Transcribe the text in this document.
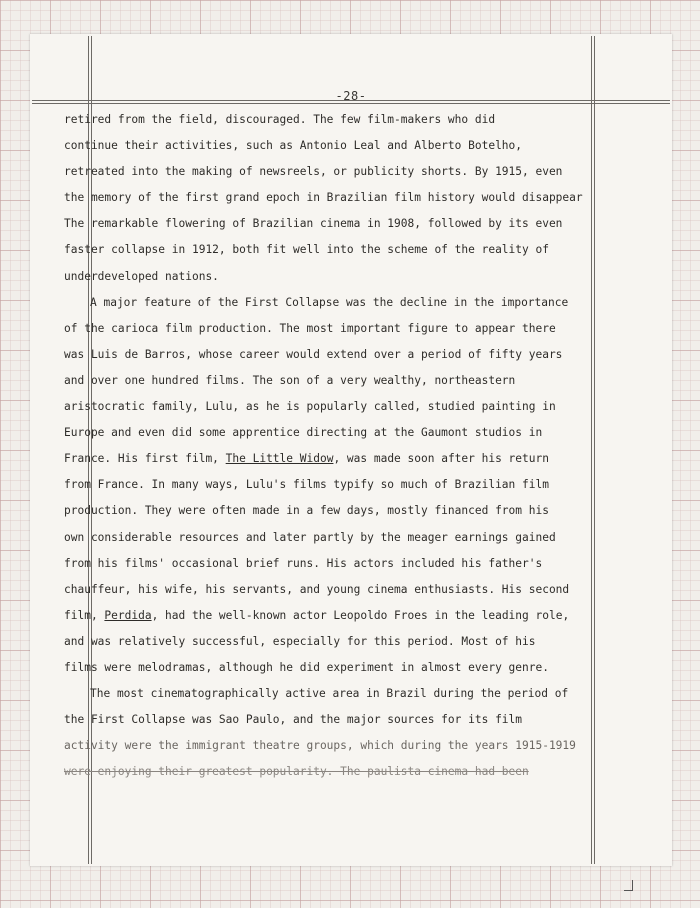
-28-
retired from the field, discouraged. The few film-makers who did
continue their activities, such as Antonio Leal and Alberto Botelho,
retreated into the making of newsreels, or publicity shorts. By 1915, even
the memory of the first grand epoch in Brazilian film history would disappear
The remarkable flowering of Brazilian cinema in 1908, followed by its even
faster collapse in 1912, both fit well into the scheme of the reality of
underdeveloped nations.
A major feature of the First Collapse was the decline in the importance
of the carioca film production. The most important figure to appear there
was Luis de Barros, whose career would extend over a period of fifty years
and over one hundred films. The son of a very wealthy, northeastern
aristocratic family, Lulu, as he is popularly called, studied painting in
Europe and even did some apprentice directing at the Gaumont studios in
France. His first film, The Little Widow, was made soon after his return
from France. In many ways, Lulu's films typify so much of Brazilian film
production. They were often made in a few days, mostly financed from his
own considerable resources and later partly by the meager earnings gained
from his films' occasional brief runs. His actors included his father's
chauffeur, his wife, his servants, and young cinema enthusiasts. His second
film, Perdida, had the well-known actor Leopoldo Froes in the leading role,
and was relatively successful, especially for this period. Most of his
films were melodramas, although he did experiment in almost every genre.
The most cinematographically active area in Brazil during the period of
the First Collapse was Sao Paulo, and the major sources for its film
activity were the immigrant theatre groups, which during the years 1915-1919
were enjoying their greatest popularity. The paulista cinema had been
